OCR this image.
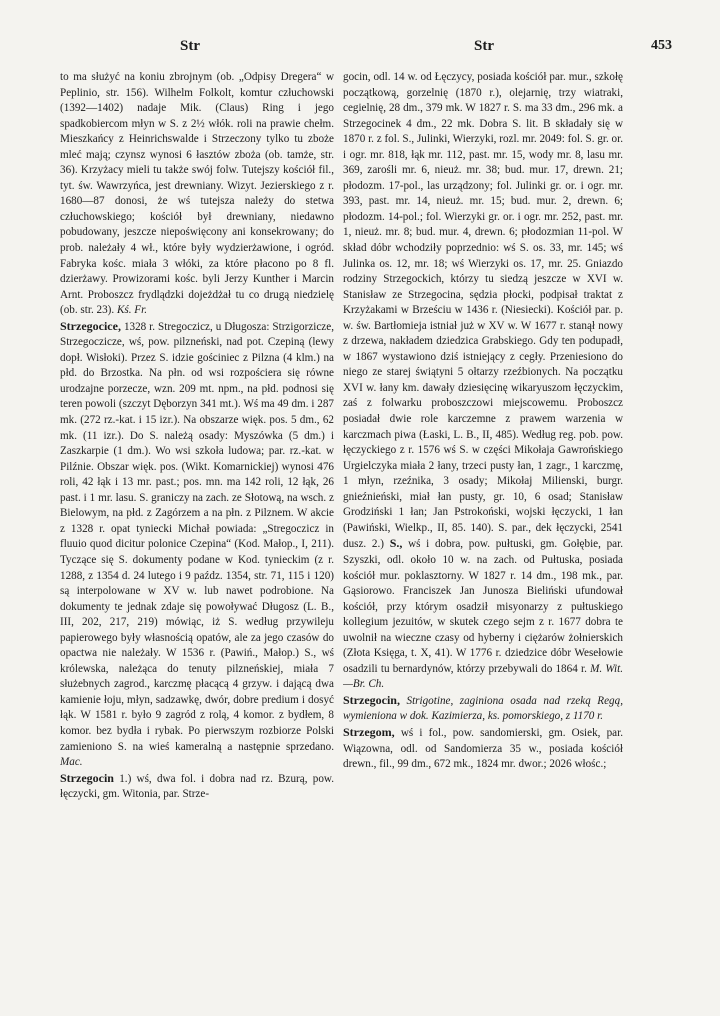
Str	Str	453

to ma służyć na koniu zbrojnym (ob. „Odpisy Dregera“ w Peplinio, str. 156). Wilhelm Folkolt, komtur człuchowski (1392—1402) nadaje Mik. (Claus) Ring i jego spadkobiercom młyn w S. z 2½ włók. roli na prawie chełm. Mieszkańcy z Heinrichswalde i Strzeczony tylko tu zboże mleć mają; czynsz wynosi 6 łasztów zboża (ob. tamże, str. 36). Krzyżacy mieli tu także swój folw. Tutejszy kościół fil., tyt. św. Wawrzyńca, jest drewniany. Wizyt. Jezierskiego z r. 1680—87 donosi, że wś tutejsza należy do stetwa człuchowskiego; kościół był drewniany, niedawno pobudowany, jeszcze niepoświęcony ani konsekrowany; do prob. należały 4 wł., które były wydzierżawione, i ogród. Fabryka kośc. miała 3 włóki, za które płacono po 8 fl. dzierżawy. Prowizorami kośc. byli Jerzy Kunther i Marcin Arnt. Proboszcz frydlądzki dojeżdżał tu co drugą niedzielę (ob. str. 23). Kś. Fr.

Strzegocice, 1328 r. Stregoczicz, u Długosza: Strzigorzicze, Strzegoczicze, wś, pow. pilzneński, nad pot. Czepiną (lewy dopł. Wisłoki). Przez S. idzie gościniec z Pilzna (4 klm.) na płd. do Brzostka. Na płn. od wsi rozpościera się równe urodzajne porzecze, wzn. 209 mt. npm., na płd. podnosi się teren powoli (szczyt Dęborzyn 341 mt.). Wś ma 49 dm. i 287 mk. (272 rz.-kat. i 15 izr.). Na obszarze więk. pos. 5 dm., 62 mk. (11 izr.). Do S. należą osady: Myszówka (5 dm.) i Zaszkarpie (1 dm.). Wo wsi szkoła ludowa; par. rz.-kat. w Pilźnie. Obszar więk. pos. (Wikt. Komarnickiej) wynosi 476 roli, 42 łąk i 13 mr. past.; pos. mn. ma 142 roli, 12 łąk, 26 past. i 1 mr. lasu. S. graniczy na zach. ze Słotową, na wsch. z Bielowym, na płd. z Zagórzem a na płn. z Pilznem. W akcie z 1328 r. opat tyniecki Michał powiada: „Stregoczicz in fluuio quod dicitur polonice Czepina“ (Kod. Małop., I, 211). Tyczące się S. dokumenty podane w Kod. tynieckim (z r. 1288, z 1354 d. 24 lutego i 9 paźdz. 1354, str. 71, 115 i 120) są interpolowane w XV w. lub nawet podrobione. Na dokumenty te jednak zdaje się powoływać Długosz (L. B., III, 202, 217, 219) mówiąc, iż S. według przywileju papierowego były własnością opatów, ale za jego czasów do opactwa nie należały. W 1536 r. (Pawiń., Małop.) S., wś królewska, należąca do tenuty pilzneńskiej, miała 7 służebnych zagrod., karczmę płacącą 4 grzyw. i dającą dwa kamienie łoju, młyn, sadzawkę, dwór, dobre predium i dosyć łąk. W 1581 r. było 9 zagród z rolą, 4 komor. z bydłem, 8 komor. bez bydła i rybak. Po pierwszym rozbiorze Polski zamieniono S. na wieś kameralną a następnie sprzedano. Mac.

Strzegocin 1.) wś, dwa fol. i dobra nad rz. Bzurą, pow. łęczycki, gm. Witonia, par. Strze-

gocin, odl. 14 w. od Łęczycy, posiada kościół par. mur., szkołę początkową, gorzelnię (1870 r.), olejarnię, trzy wiatraki, cegielnię, 28 dm., 379 mk. W 1827 r. S. ma 33 dm., 296 mk. a Strzegocinek 4 dm., 22 mk. Dobra S. lit. B składały się w 1870 r. z fol. S., Julinki, Wierzyki, rozl. mr. 2049: fol. S. gr. or. i ogr. mr. 818, łąk mr. 112, past. mr. 15, wody mr. 8, lasu mr. 369, zarośli mr. 6, nieuż. mr. 38; bud. mur. 17, drewn. 21; płodozm. 17-pol., las urządzony; fol. Julinki gr. or. i ogr. mr. 393, past. mr. 14, nieuż. mr. 15; bud. mur. 2, drewn. 6; płodozm. 14-pol.; fol. Wierzyki gr. or. i ogr. mr. 252, past. mr. 1, nieuż. mr. 8; bud. mur. 4, drewn. 6; płodozmian 11-pol. W skład dóbr wchodziły poprzednio: wś S. os. 33, mr. 145; wś Julinka os. 12, mr. 18; wś Wierzyki os. 17, mr. 25. Gniazdo rodziny Strzegockich, którzy tu siedzą jeszcze w XVI w. Stanisław ze Strzegocina, sędzia płocki, podpisał traktat z Krzyżakami w Brześciu w 1436 r. (Niesiecki). Kościół par. p. w. św. Bartłomieja istniał już w XV w. W 1677 r. stanął nowy z drzewa, nakładem dziedzica Grabskiego. Gdy ten podupadł, w 1867 wystawiono dziś istniejący z cegły. Przeniesiono do niego ze starej świątyni 5 ołtarzy rzeźbionych. Na początku XVI w. łany km. dawały dziesięcinę wikaryuszom łęczyckim, zaś z folwarku proboszczowi miejscowemu. Proboszcz posiadał dwie role karczemne z prawem warzenia w karczmach piwa (Łaski, L. B., II, 485). Według reg. pob. pow. łęczyckiego z r. 1576 wś S. w części Mikołaja Gawrońskiego Urgielczyka miała 2 łany, trzeci pusty łan, 1 zagr., 1 karczmę, 1 młyn, rzeźnika, 3 osady; Mikołaj Milienski, burgr. gnieźnieński, miał łan pusty, gr. 10, 6 osad; Stanisław Grodziński 1 łan; Jan Pstrokoński, wojski łęczycki, 1 łan (Pawiński, Wielkp., II, 85. 140). S. par., dek łęczycki, 2541 dusz. 2.) S., wś i dobra, pow. pułtuski, gm. Gołębie, par. Szyszki, odl. około 10 w. na zach. od Pułtuska, posiada kościół mur. poklasztorny. W 1827 r. 14 dm., 198 mk., par. Gąsiorowo. Franciszek Jan Junosza Bieliński ufundował kościół, przy którym osadził misyonarzy z pułtuskiego kollegium jezuitów, w skutek czego sejm z r. 1677 dobra te uwolnił na wieczne czasy od hyberny i ciężarów żołnierskich (Złota Księga, t. X, 41). W 1776 r. dziedzice dóbr Wesełowie osadzili tu bernardynów, którzy przebywali do 1864 r. M. Wit.—Br. Ch.

Strzegocin, Strigotine, zaginiona osada nad rzeką Regą, wymieniona w dok. Kazimierza, ks. pomorskiego, z 1170 r.

Strzegom, wś i fol., pow. sandomierski, gm. Osiek, par. Wiązowna, odl. od Sandomierza 35 w., posiada kościół drewn., fil., 99 dm., 672 mk., 1824 mr. dwor.; 2026 włośc.;
